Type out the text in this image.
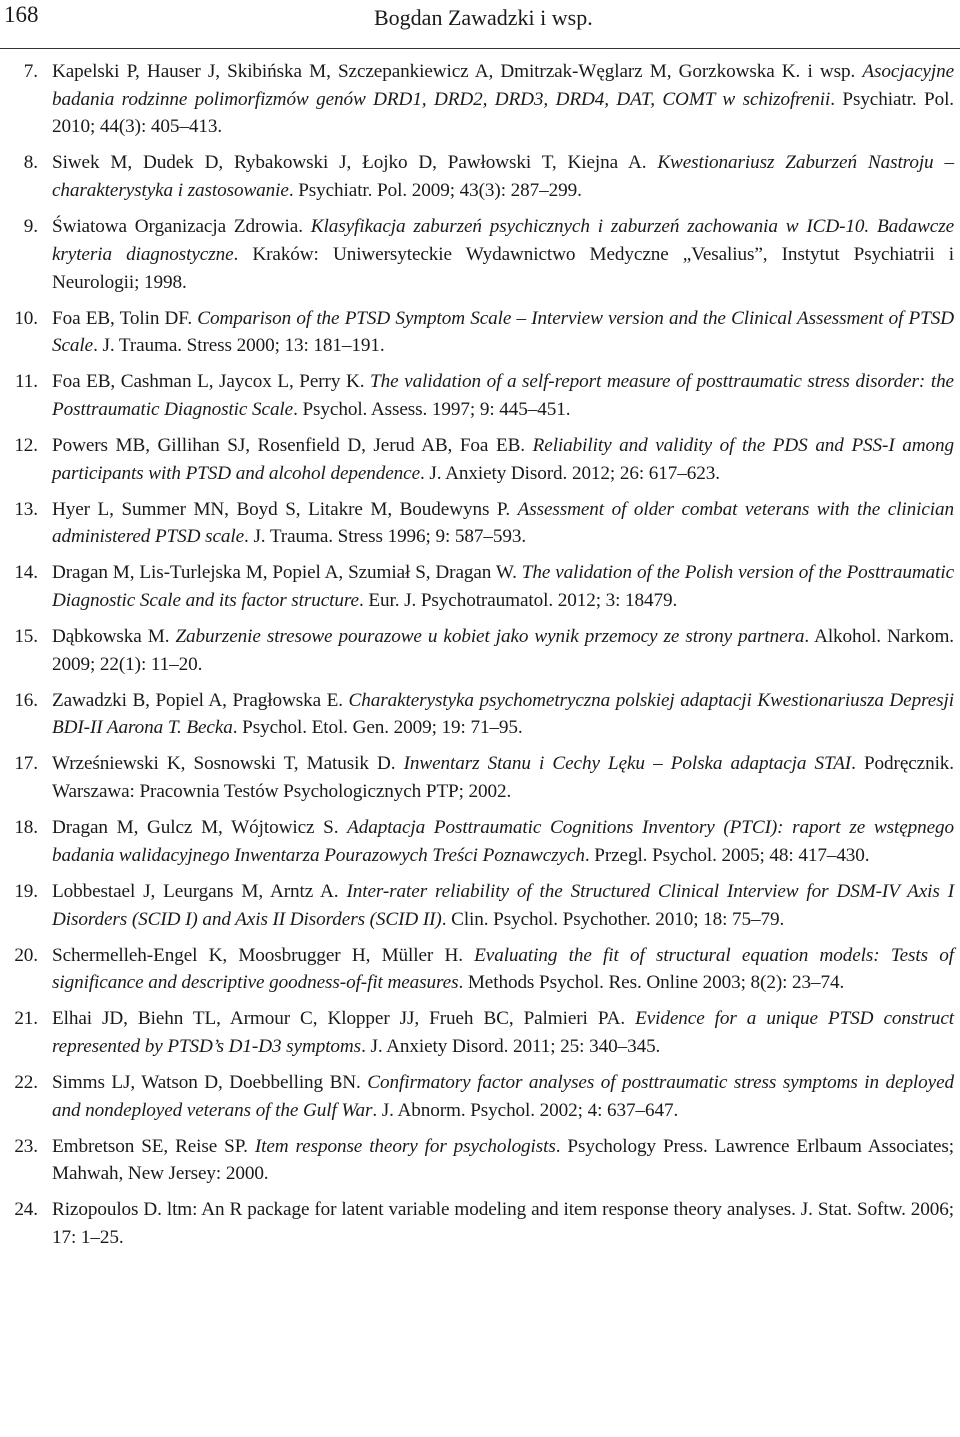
168	Bogdan Zawadzki i wsp.
7. Kapelski P, Hauser J, Skibińska M, Szczepankiewicz A, Dmitrzak-Węglarz M, Gorzkowska K. i wsp. Asocjacyjne badania rodzinne polimorfizmów genów DRD1, DRD2, DRD3, DRD4, DAT, COMT w schizofrenii. Psychiatr. Pol. 2010; 44(3): 405–413.
8. Siwek M, Dudek D, Rybakowski J, Łojko D, Pawłowski T, Kiejna A. Kwestionariusz Zaburzeń Nastroju – charakterystyka i zastosowanie. Psychiatr. Pol. 2009; 43(3): 287–299.
9. Światowa Organizacja Zdrowia. Klasyfikacja zaburzeń psychicznych i zaburzeń zachowania w ICD-10. Badawcze kryteria diagnostyczne. Kraków: Uniwersyteckie Wydawnictwo Medyczne „Vesalius”, Instytut Psychiatrii i Neurologii; 1998.
10. Foa EB, Tolin DF. Comparison of the PTSD Symptom Scale – Interview version and the Clinical Assessment of PTSD Scale. J. Trauma. Stress 2000; 13: 181–191.
11. Foa EB, Cashman L, Jaycox L, Perry K. The validation of a self-report measure of posttraumatic stress disorder: the Posttraumatic Diagnostic Scale. Psychol. Assess. 1997; 9: 445–451.
12. Powers MB, Gillihan SJ, Rosenfield D, Jerud AB, Foa EB. Reliability and validity of the PDS and PSS-I among participants with PTSD and alcohol dependence. J. Anxiety Disord. 2012; 26: 617–623.
13. Hyer L, Summer MN, Boyd S, Litakre M, Boudewyns P. Assessment of older combat veterans with the clinician administered PTSD scale. J. Trauma. Stress 1996; 9: 587–593.
14. Dragan M, Lis-Turlejska M, Popiel A, Szumiał S, Dragan W. The validation of the Polish version of the Posttraumatic Diagnostic Scale and its factor structure. Eur. J. Psychotraumatol. 2012; 3: 18479.
15. Dąbkowska M. Zaburzenie stresowe pourazowe u kobiet jako wynik przemocy ze strony partnera. Alkohol. Narkom. 2009; 22(1): 11–20.
16. Zawadzki B, Popiel A, Pragłowska E. Charakterystyka psychometryczna polskiej adaptacji Kwestionariusza Depresji BDI-II Aarona T. Becka. Psychol. Etol. Gen. 2009; 19: 71–95.
17. Wrześniewski K, Sosnowski T, Matusik D. Inwentarz Stanu i Cechy Lęku – Polska adaptacja STAI. Podręcznik. Warszawa: Pracownia Testów Psychologicznych PTP; 2002.
18. Dragan M, Gulcz M, Wójtowicz S. Adaptacja Posttraumatic Cognitions Inventory (PTCI): raport ze wstępnego badania walidacyjnego Inwentarza Pourazowych Treści Poznawczych. Przegl. Psychol. 2005; 48: 417–430.
19. Lobbestael J, Leurgans M, Arntz A. Inter-rater reliability of the Structured Clinical Interview for DSM-IV Axis I Disorders (SCID I) and Axis II Disorders (SCID II). Clin. Psychol. Psychother. 2010; 18: 75–79.
20. Schermelleh-Engel K, Moosbrugger H, Müller H. Evaluating the fit of structural equation models: Tests of significance and descriptive goodness-of-fit measures. Methods Psychol. Res. Online 2003; 8(2): 23–74.
21. Elhai JD, Biehn TL, Armour C, Klopper JJ, Frueh BC, Palmieri PA. Evidence for a unique PTSD construct represented by PTSD’s D1-D3 symptoms. J. Anxiety Disord. 2011; 25: 340–345.
22. Simms LJ, Watson D, Doebbelling BN. Confirmatory factor analyses of posttraumatic stress symptoms in deployed and nondeployed veterans of the Gulf War. J. Abnorm. Psychol. 2002; 4: 637–647.
23. Embretson SE, Reise SP. Item response theory for psychologists. Psychology Press. Lawrence Erlbaum Associates; Mahwah, New Jersey: 2000.
24. Rizopoulos D. ltm: An R package for latent variable modeling and item response theory analyses. J. Stat. Softw. 2006; 17: 1–25.
